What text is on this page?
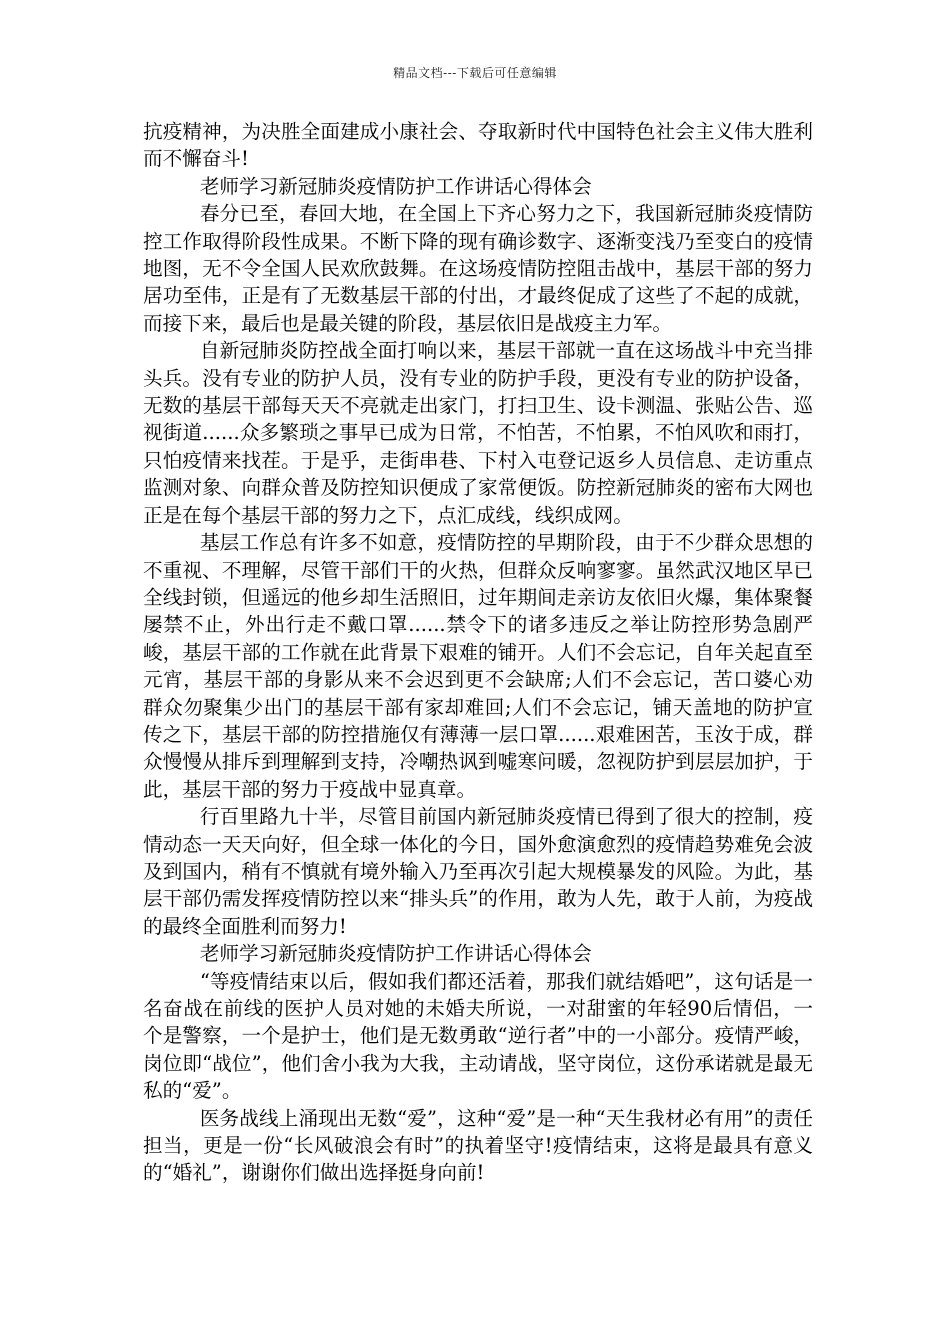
精品文档---下载后可任意编辑

抗疫精神，为决胜全面建成小康社会、夺取新时代中国特色社会主义伟大胜利而不懈奋斗!

老师学习新冠肺炎疫情防护工作讲话心得体会

春分已至，春回大地，在全国上下齐心努力之下，我国新冠肺炎疫情防控工作取得阶段性成果。不断下降的现有确诊数字、逐渐变浅乃至变白的疫情地图，无不令全国人民欢欣鼓舞。在这场疫情防控阻击战中，基层干部的努力居功至伟，正是有了无数基层干部的付出，才最终促成了这些了不起的成就，而接下来，最后也是最关键的阶段，基层依旧是战疫主力军。

自新冠肺炎防控战全面打响以来，基层干部就一直在这场战斗中充当排头兵。没有专业的防护人员，没有专业的防护手段，更没有专业的防护设备，无数的基层干部每天天不亮就走出家门，打扫卫生、设卡测温、张贴公告、巡视街道......众多繁琐之事早已成为日常，不怕苦，不怕累，不怕风吹和雨打，只怕疫情来找茬。于是乎，走街串巷、下村入屯登记返乡人员信息、走访重点监测对象、向群众普及防控知识便成了家常便饭。防控新冠肺炎的密布大网也正是在每个基层干部的努力之下，点汇成线，线织成网。

基层工作总有许多不如意，疫情防控的早期阶段，由于不少群众思想的不重视、不理解，尽管干部们干的火热，但群众反响寥寥。虽然武汉地区早已全线封锁，但遥远的他乡却生活照旧，过年期间走亲访友依旧火爆，集体聚餐屡禁不止，外出行走不戴口罩......禁令下的诸多违反之举让防控形势急剧严峻，基层干部的工作就在此背景下艰难的铺开。人们不会忘记，自年关起直至元宵，基层干部的身影从来不会迟到更不会缺席;人们不会忘记，苦口婆心劝群众勿聚集少出门的基层干部有家却难回;人们不会忘记，铺天盖地的防护宣传之下，基层干部的防控措施仅有薄薄一层口罩......艰难困苦，玉汝于成，群众慢慢从排斥到理解到支持，冷嘲热讽到嘘寒问暖，忽视防护到层层加护，于此，基层干部的努力于疫战中显真章。

行百里路九十半，尽管目前国内新冠肺炎疫情已得到了很大的控制，疫情动态一天天向好，但全球一体化的今日，国外愈演愈烈的疫情趋势难免会波及到国内，稍有不慎就有境外输入乃至再次引起大规模暴发的风险。为此，基层干部仍需发挥疫情防控以来“排头兵”的作用，敢为人先，敢于人前，为疫战的最终全面胜利而努力!

老师学习新冠肺炎疫情防护工作讲话心得体会

“等疫情结束以后，假如我们都还活着，那我们就结婚吧”，这句话是一名奋战在前线的医护人员对她的未婚夫所说，一对甜蜜的年轻90后情侣，一个是警察，一个是护士，他们是无数勇敢“逆行者”中的一小部分。疫情严峻，岗位即“战位”，他们舍小我为大我，主动请战，坚守岗位，这份承诺就是最无私的“爱”。

医务战线上涌现出无数“爱”，这种“爱”是一种“天生我材必有用”的责任担当，更是一份“长风破浪会有时”的执着坚守!疫情结束，这将是最具有意义的“婚礼”，谢谢你们做出选择挺身向前!
